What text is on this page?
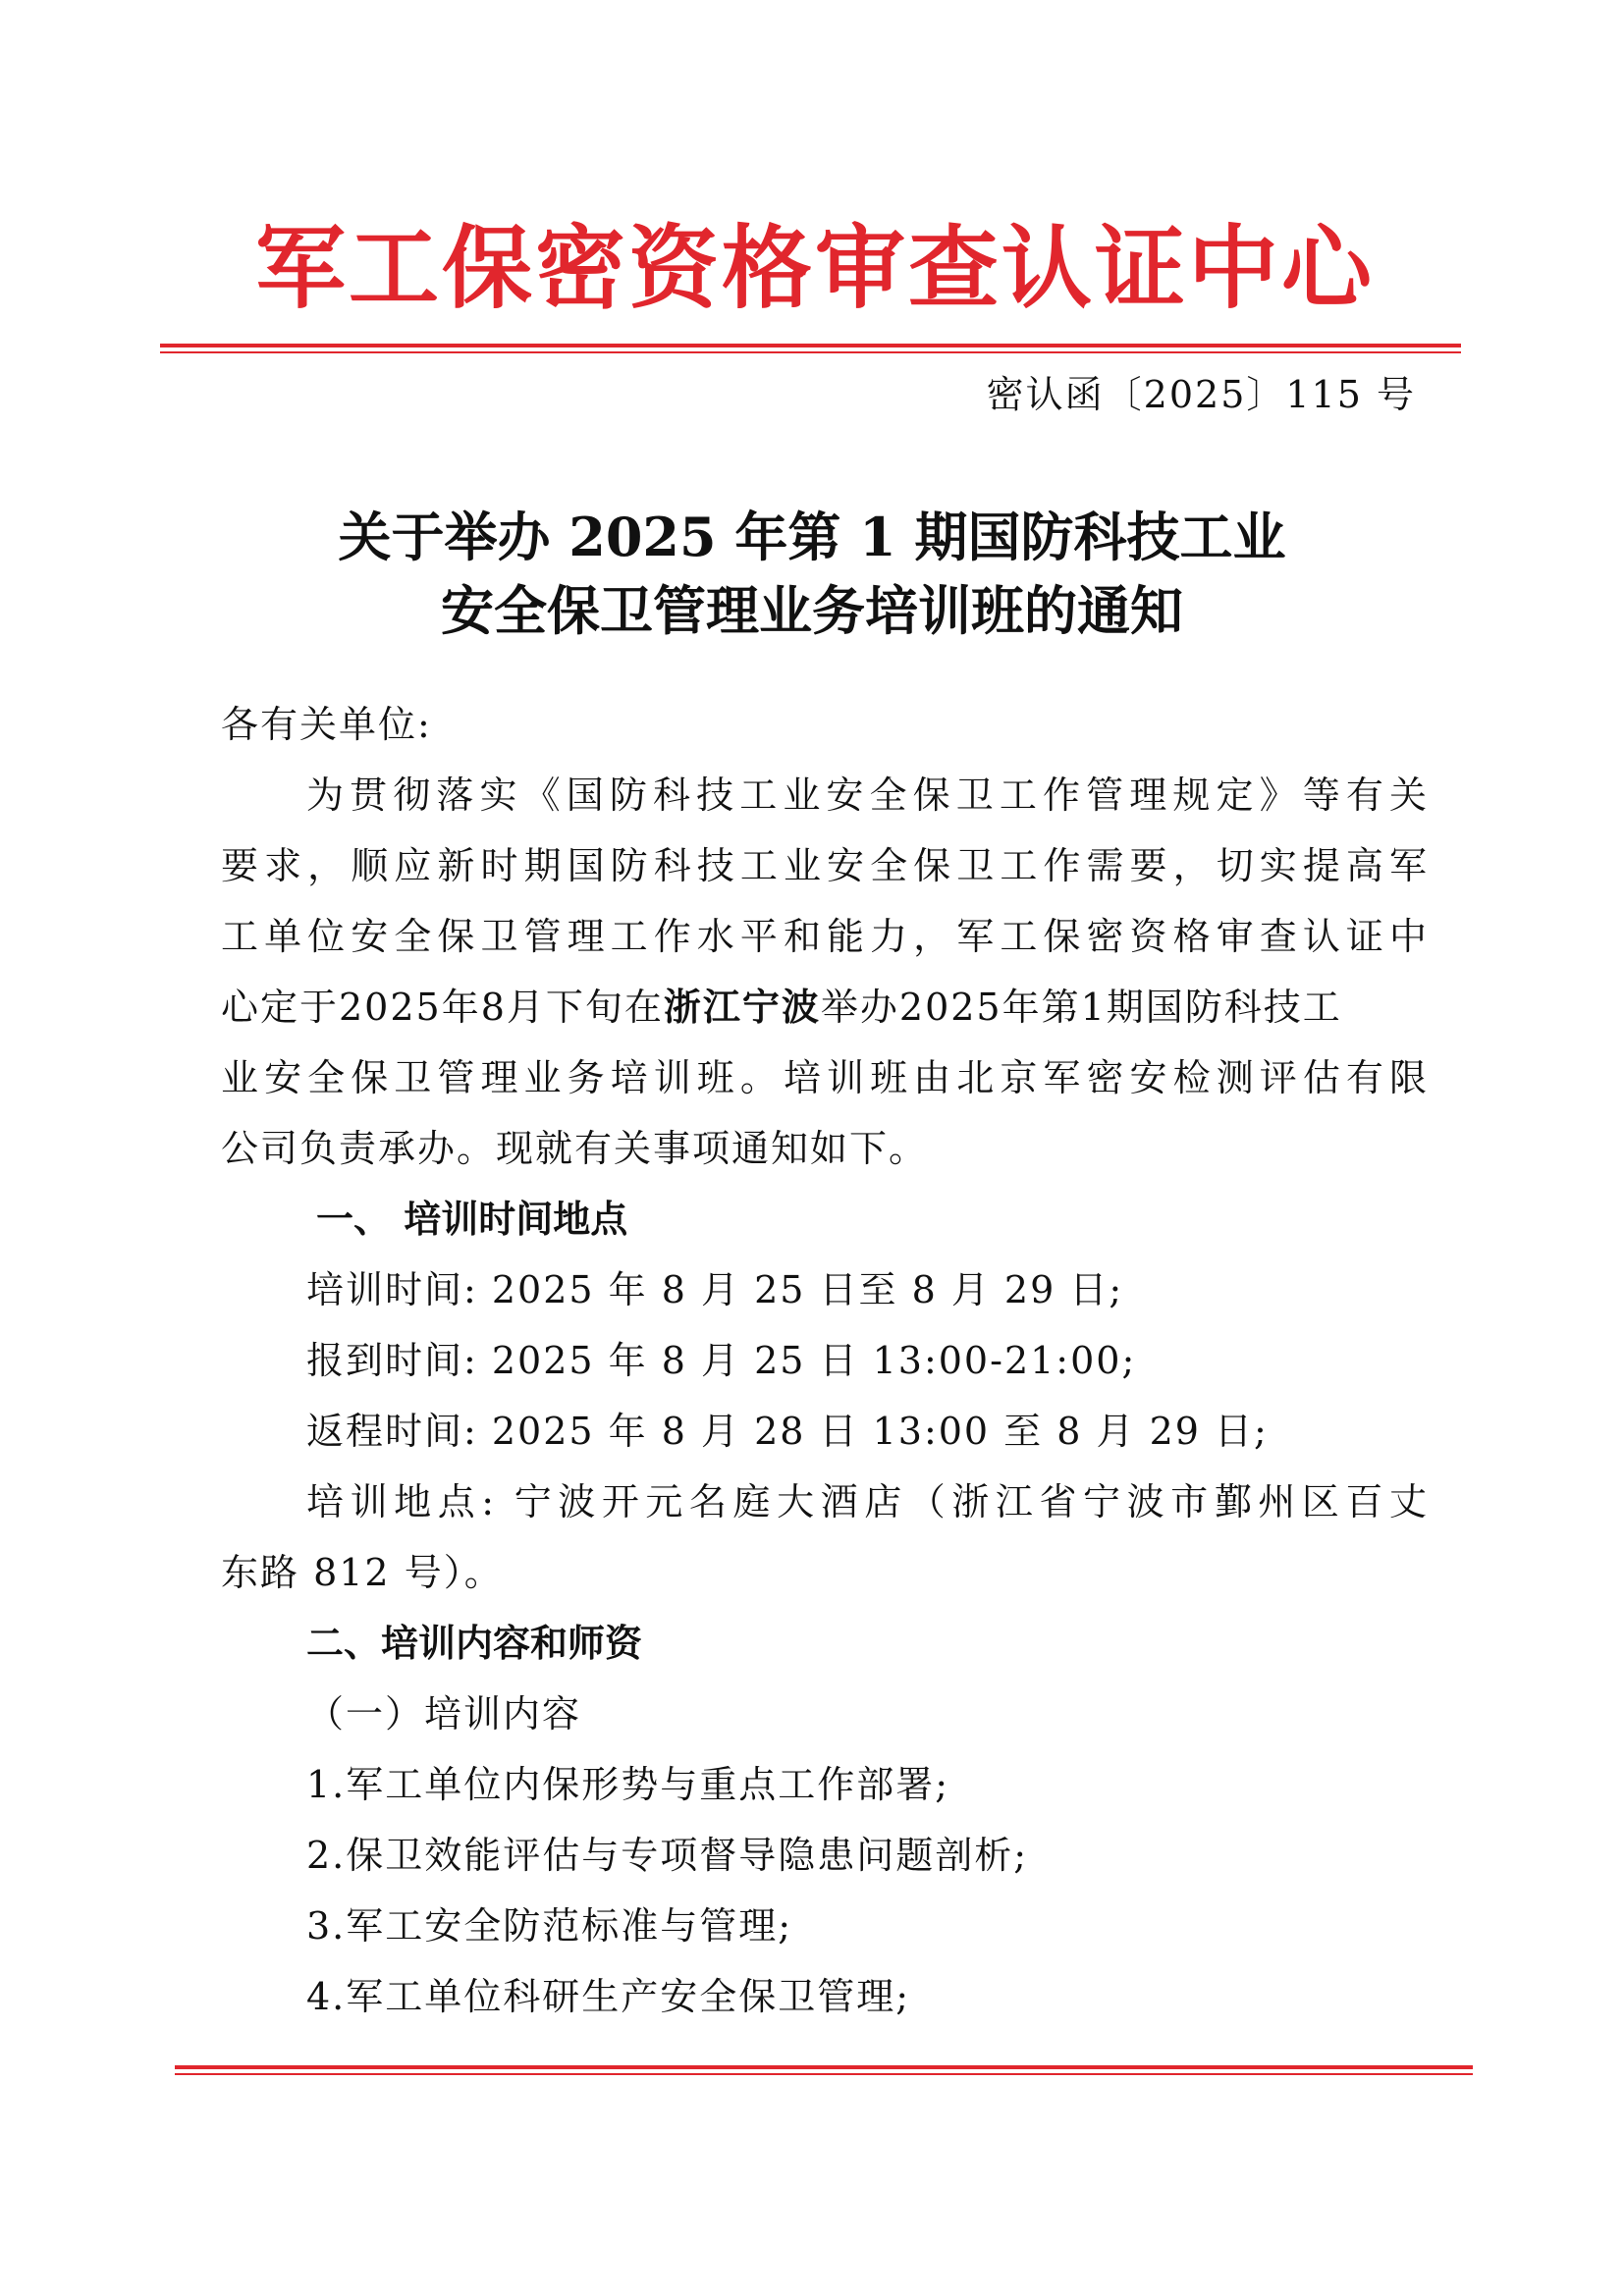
军工保密资格审查认证中心
密认函〔2025〕115 号
关于举办 2025 年第 1 期国防科技工业
安全保卫管理业务培训班的通知
各有关单位:
为贯彻落实《国防科技工业安全保卫工作管理规定》等有关
要求，顺应新时期国防科技工业安全保卫工作需要，切实提高军
工单位安全保卫管理工作水平和能力，军工保密资格审查认证中
心定于2025年8月下旬在浙江宁波举办2025年第1期国防科技工
业安全保卫管理业务培训班。培训班由北京军密安检测评估有限
公司负责承办。现就有关事项通知如下。
一、 培训时间地点
培训时间: 2025 年 8 月 25 日至 8 月 29 日;
报到时间: 2025 年 8 月 25 日 13:00-21:00;
返程时间: 2025 年 8 月 28 日 13:00 至 8 月 29 日;
培训地点: 宁波开元名庭大酒店（浙江省宁波市鄞州区百丈
东路 812 号）。
二、培训内容和师资
（一）培训内容
1.军工单位内保形势与重点工作部署;
2.保卫效能评估与专项督导隐患问题剖析;
3.军工安全防范标准与管理;
4.军工单位科研生产安全保卫管理;
